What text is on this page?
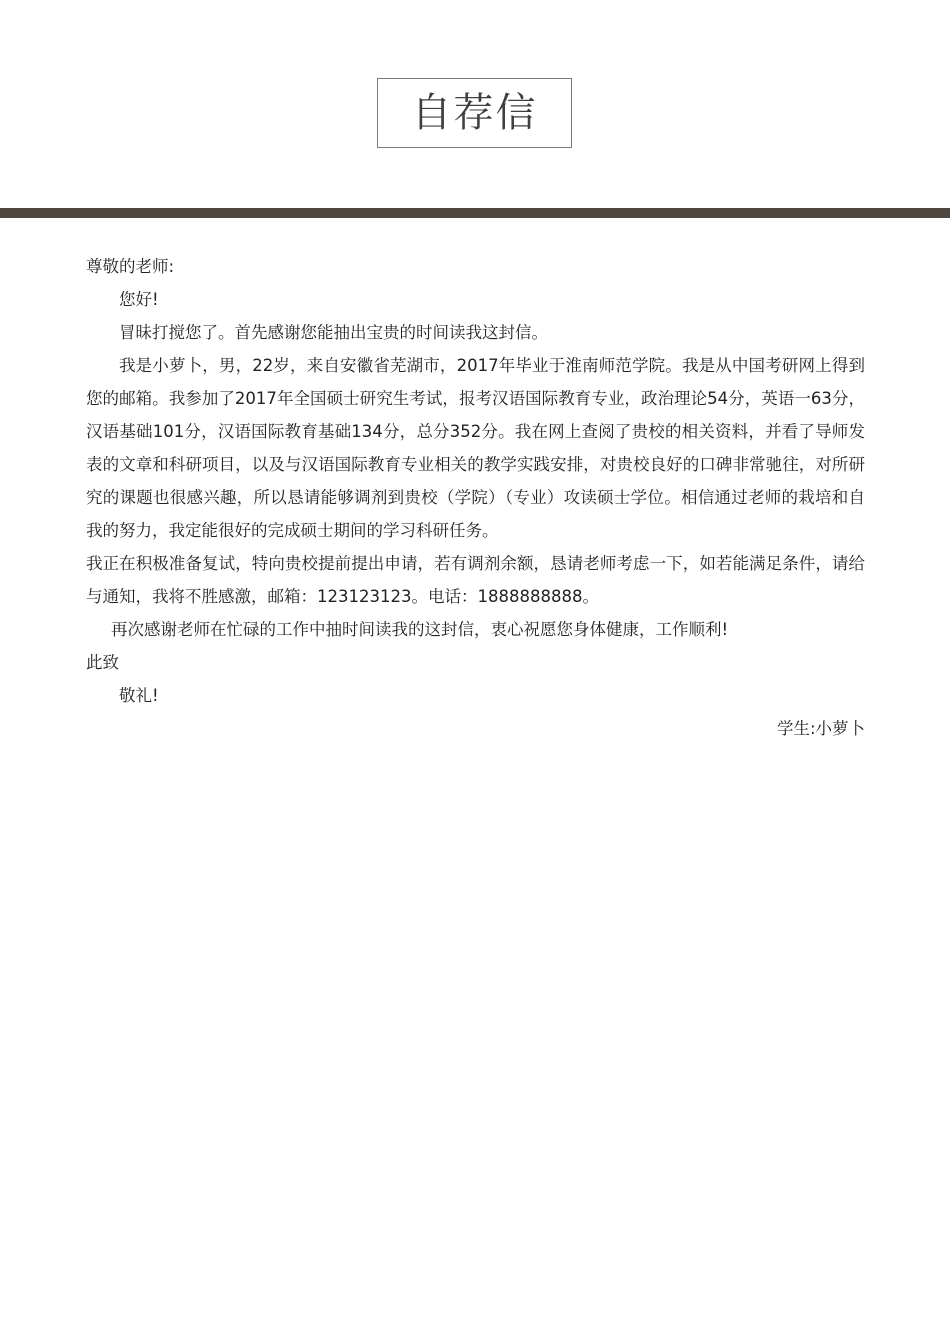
自荐信

尊敬的老师:

您好!

冒昧打搅您了。首先感谢您能抽出宝贵的时间读我这封信。

我是小萝卜，男，22岁，来自安徽省芜湖市，2017年毕业于淮南师范学院。我是从中国考研网上得到您的邮箱。我参加了2017年全国硕士研究生考试，报考汉语国际教育专业，政治理论54分，英语一63分，汉语基础101分，汉语国际教育基础134分，总分352分。我在网上查阅了贵校的相关资料，并看了导师发表的文章和科研项目，以及与汉语国际教育专业相关的教学实践安排，对贵校良好的口碑非常驰往，对所研究的课题也很感兴趣，所以恳请能够调剂到贵校（学院）（专业）攻读硕士学位。相信通过老师的栽培和自我的努力，我定能很好的完成硕士期间的学习科研任务。

我正在积极准备复试，特向贵校提前提出申请，若有调剂余额，恳请老师考虑一下，如若能满足条件，请给与通知，我将不胜感激，邮箱：123123123。电话：1888888888。

再次感谢老师在忙碌的工作中抽时间读我的这封信，衷心祝愿您身体健康，工作顺利!

此致

敬礼!

学生:小萝卜
